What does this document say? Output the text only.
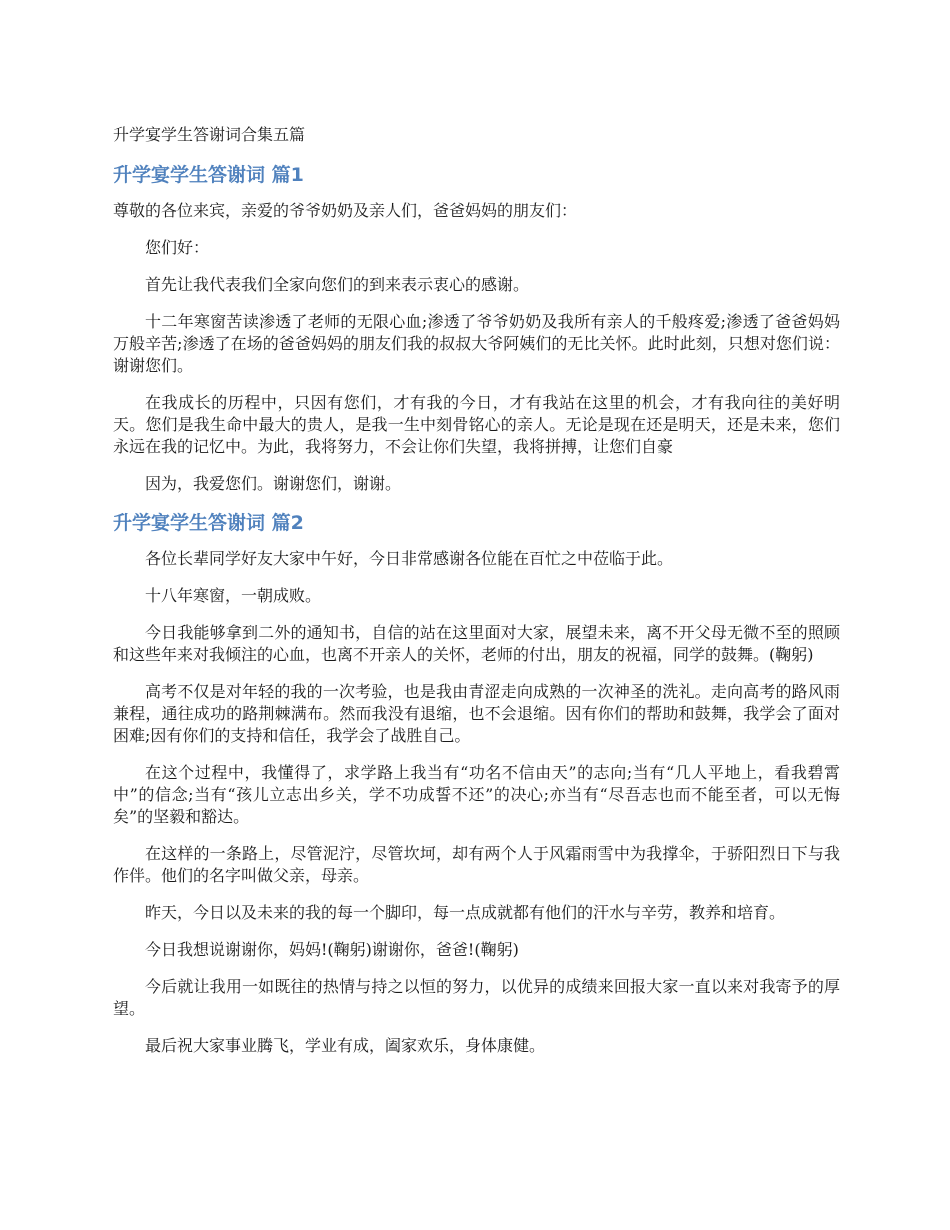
升学宴学生答谢词合集五篇
升学宴学生答谢词 篇1

尊敬的各位来宾，亲爱的爷爷奶奶及亲人们，爸爸妈妈的朋友们：

您们好：

首先让我代表我们全家向您们的到来表示衷心的感谢。

十二年寒窗苦读渗透了老师的无限心血;渗透了爷爷奶奶及我所有亲人的千般疼爱;渗透了爸爸妈妈万般辛苦;渗透了在场的爸爸妈妈的朋友们我的叔叔大爷阿姨们的无比关怀。此时此刻，只想对您们说：谢谢您们。

在我成长的历程中，只因有您们，才有我的今日，才有我站在这里的机会，才有我向往的美好明天。您们是我生命中最大的贵人，是我一生中刻骨铭心的亲人。无论是现在还是明天，还是未来，您们永远在我的记忆中。为此，我将努力，不会让你们失望，我将拼搏，让您们自豪

因为，我爱您们。谢谢您们，谢谢。

升学宴学生答谢词 篇2

各位长辈同学好友大家中午好，今日非常感谢各位能在百忙之中莅临于此。

十八年寒窗，一朝成败。

今日我能够拿到二外的通知书，自信的站在这里面对大家，展望未来，离不开父母无微不至的照顾和这些年来对我倾注的心血，也离不开亲人的关怀，老师的付出，朋友的祝福，同学的鼓舞。(鞠躬)

高考不仅是对年轻的我的一次考验，也是我由青涩走向成熟的一次神圣的洗礼。走向高考的路风雨兼程，通往成功的路荆棘满布。然而我没有退缩，也不会退缩。因有你们的帮助和鼓舞，我学会了面对困难;因有你们的支持和信任，我学会了战胜自己。

在这个过程中，我懂得了，求学路上我当有“功名不信由天”的志向;当有“几人平地上，看我碧霄中”的信念;当有“孩儿立志出乡关，学不功成誓不还”的决心;亦当有“尽吾志也而不能至者，可以无悔矣”的坚毅和豁达。

在这样的一条路上，尽管泥泞，尽管坎坷，却有两个人于风霜雨雪中为我撑伞，于骄阳烈日下与我作伴。他们的名字叫做父亲，母亲。

昨天，今日以及未来的我的每一个脚印，每一点成就都有他们的汗水与辛劳，教养和培育。

今日我想说谢谢你，妈妈!(鞠躬)谢谢你，爸爸!(鞠躬)

今后就让我用一如既往的热情与持之以恒的努力，以优异的成绩来回报大家一直以来对我寄予的厚望。

最后祝大家事业腾飞，学业有成，阖家欢乐，身体康健。
